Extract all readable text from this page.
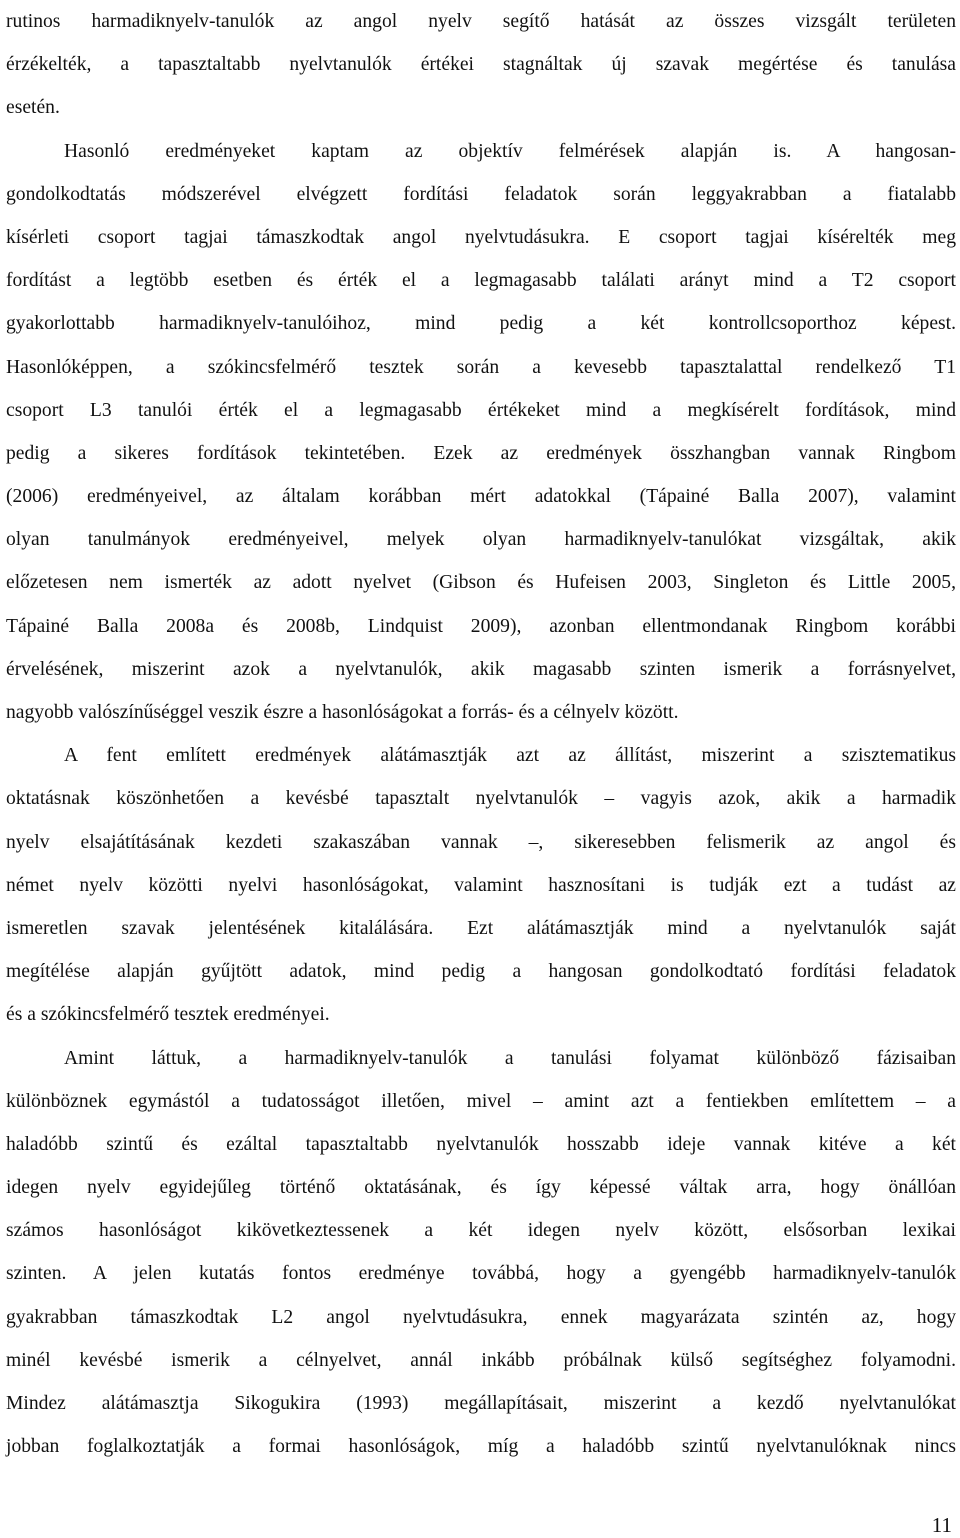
rutinos harmadiknyelv-tanulók az angol nyelv segítő hatását az összes vizsgált területen
érzékelték, a tapasztaltabb nyelvtanulók értékei stagnáltak új szavak megértése és tanulása
esetén.
Hasonló eredményeket kaptam az objektív felmérések alapján is. A hangosan-
gondolkodtatás módszerével elvégzett fordítási feladatok során leggyakrabban a fiatalabb
kísérleti csoport tagjai támaszkodtak angol nyelvtudásukra. E csoport tagjai kísérelték meg
fordítást a legtöbb esetben és érték el a legmagasabb találati arányt mind a T2 csoport
gyakorlottabb harmadiknyelv-tanulóihoz, mind pedig a két kontrollcsoporthoz képest.
Hasonlóképpen, a szókincsfelmérő tesztek során a kevesebb tapasztalattal rendelkező T1
csoport L3 tanulói érték el a legmagasabb értékeket mind a megkísérelt fordítások, mind
pedig a sikeres fordítások tekintetében. Ezek az eredmények összhangban vannak Ringbom
(2006) eredményeivel, az általam korábban mért adatokkal (Tápainé Balla 2007), valamint
olyan tanulmányok eredményeivel, melyek olyan harmadiknyelv-tanulókat vizsgáltak, akik
előzetesen nem ismerték az adott nyelvet (Gibson és Hufeisen 2003, Singleton és Little 2005,
Tápainé Balla 2008a és 2008b, Lindquist 2009), azonban ellentmondanak Ringbom korábbi
érvelésének, miszerint azok a nyelvtanulók, akik magasabb szinten ismerik a forrásnyelvet,
nagyobb valószínűséggel veszik észre a hasonlóságokat a forrás- és a célnyelv között.
A fent említett eredmények alátámasztják azt az állítást, miszerint a szisztematikus
oktatásnak köszönhetően a kevésbé tapasztalt nyelvtanulók – vagyis azok, akik a harmadik
nyelv elsajátításának kezdeti szakaszában vannak –, sikeresebben felismerik az angol és
német nyelv közötti nyelvi hasonlóságokat, valamint hasznosítani is tudják ezt a tudást az
ismeretlen szavak jelentésének kitalálására. Ezt alátámasztják mind a nyelvtanulók saját
megítélése alapján gyűjtött adatok, mind pedig a hangosan gondolkodtató fordítási feladatok
és a szókincsfelmérő tesztek eredményei.
Amint láttuk, a harmadiknyelv-tanulók a tanulási folyamat különböző fázisaiban
különböznek egymástól a tudatosságot illetően, mivel – amint azt a fentiekben említettem – a
haladóbb szintű és ezáltal tapasztaltabb nyelvtanulók hosszabb ideje vannak kitéve a két
idegen nyelv egyidejűleg történő oktatásának, és így képessé váltak arra, hogy önállóan
számos hasonlóságot kikövetkeztessenek a két idegen nyelv között, elsősorban lexikai
szinten. A jelen kutatás fontos eredménye továbbá, hogy a gyengébb harmadiknyelv-tanulók
gyakrabban támaszkodtak L2 angol nyelvtudásukra, ennek magyarázata szintén az, hogy
minél kevésbé ismerik a célnyelvet, annál inkább próbálnak külső segítséghez folyamodni.
Mindez alátámasztja Sikogukira (1993) megállapításait, miszerint a kezdő nyelvtanulókat
jobban foglalkoztatják a formai hasonlóságok, míg a haladóbb szintű nyelvtanulóknak nincs
11
